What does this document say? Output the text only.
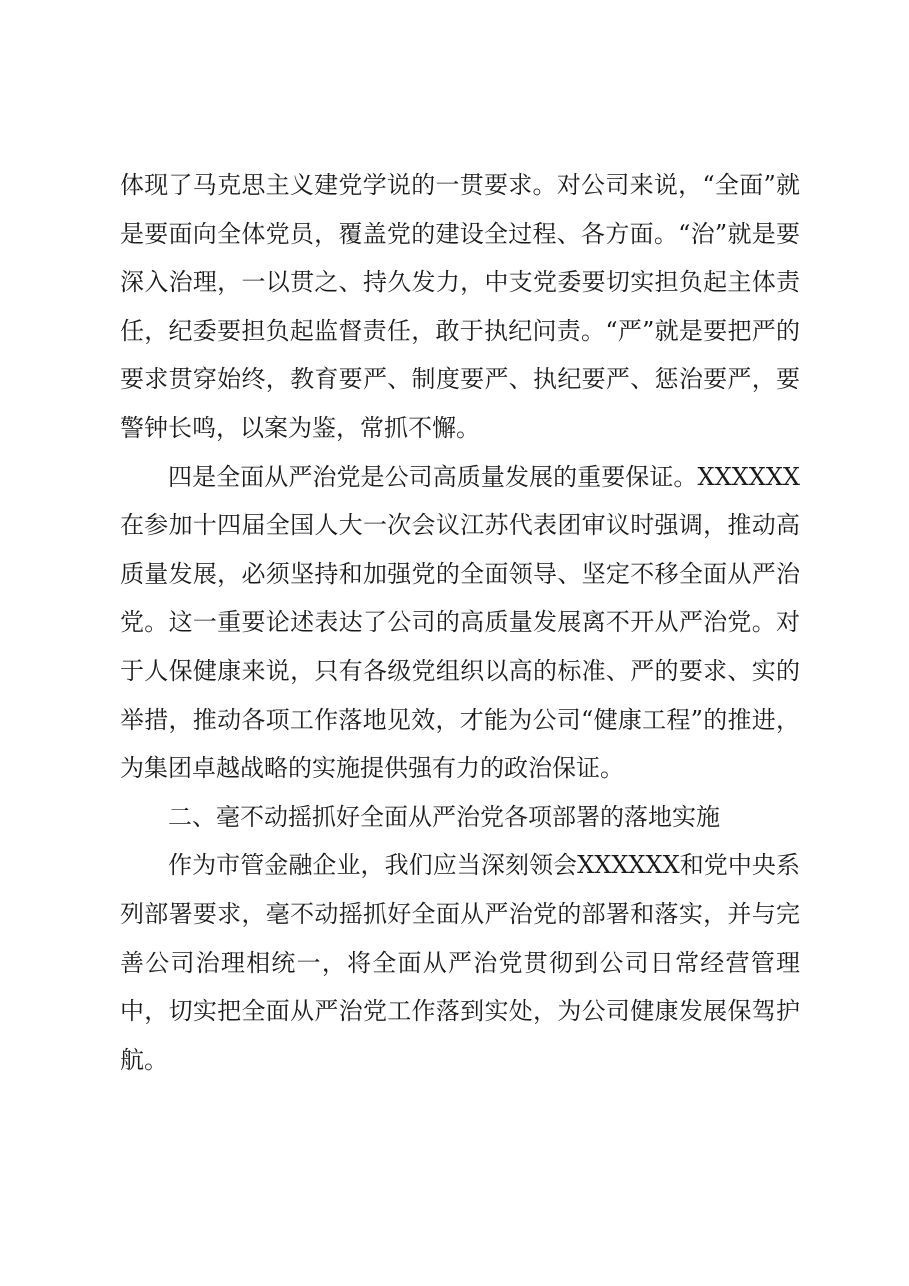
体现了马克思主义建党学说的一贯要求。对公司来说，“全面”就是要面向全体党员，覆盖党的建设全过程、各方面。“治”就是要深入治理，一以贯之、持久发力，中支党委要切实担负起主体责任，纪委要担负起监督责任，敢于执纪问责。“严”就是要把严的要求贯穿始终，教育要严、制度要严、执纪要严、惩治要严，要警钟长鸣，以案为鉴，常抓不懈。

四是全面从严治党是公司高质量发展的重要保证。XXXXXX在参加十四届全国人大一次会议江苏代表团审议时强调，推动高质量发展，必须坚持和加强党的全面领导、坚定不移全面从严治党。这一重要论述表达了公司的高质量发展离不开从严治党。对于人保健康来说，只有各级党组织以高的标准、严的要求、实的举措，推动各项工作落地见效，才能为公司“健康工程”的推进，为集团卓越战略的实施提供强有力的政治保证。

二、毫不动摇抓好全面从严治党各项部署的落地实施

作为市管金融企业，我们应当深刻领会XXXXXX和党中央系列部署要求，毫不动摇抓好全面从严治党的部署和落实，并与完善公司治理相统一，将全面从严治党贯彻到公司日常经营管理中，切实把全面从严治党工作落到实处，为公司健康发展保驾护航。
